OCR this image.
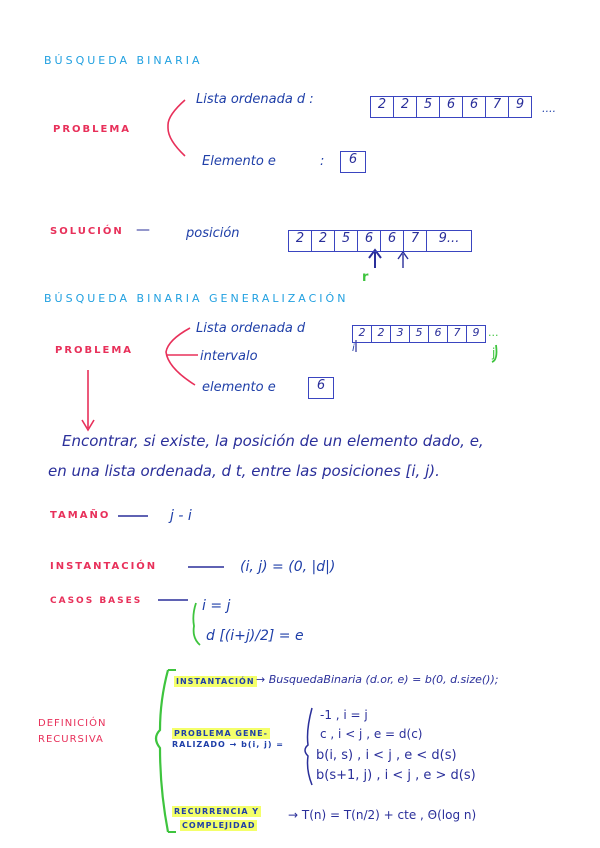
BÚSQUEDA BINARIA
PROBLEMA
Lista ordenada d :	2	2	5	6	6	7	9	....
Elemento e	:	6
SOLUCIÓN —	posición	2	2	5	6	6	7	9...
r
BÚSQUEDA BINARIA GENERALIZACIÓN
PROBLEMA
Lista ordenada d	2	2	3	5	6	7	9 ...
i	j
intervalo
elemento e	6
Encontrar, si existe, la posición de un elemento dado, e,
en una lista ordenada, d t, entre las posiciones [i, j).
TAMAÑO	j - i
INSTANTACIÓN	(i, j) = (0, |d|)
CASOS BASES	i = j
d [(i+j)/2] = e
DEFINICIÓN
RECURSIVA
INSTANTACIÓN → BusquedaBinaria (d.or, e) = b(0, d.size());
PROBLEMA GENE-
RALIZADO → b(i, j) =
-1 , i = j
c , i < j , e = d(c)
b(i, s) , i < j , e < d(s)
b(s+1, j) , i < j , e > d(s)
RECURRENCIA Y
COMPLEJIDAD
→ T(n) = T(n/2) + cte , Θ(log n)
